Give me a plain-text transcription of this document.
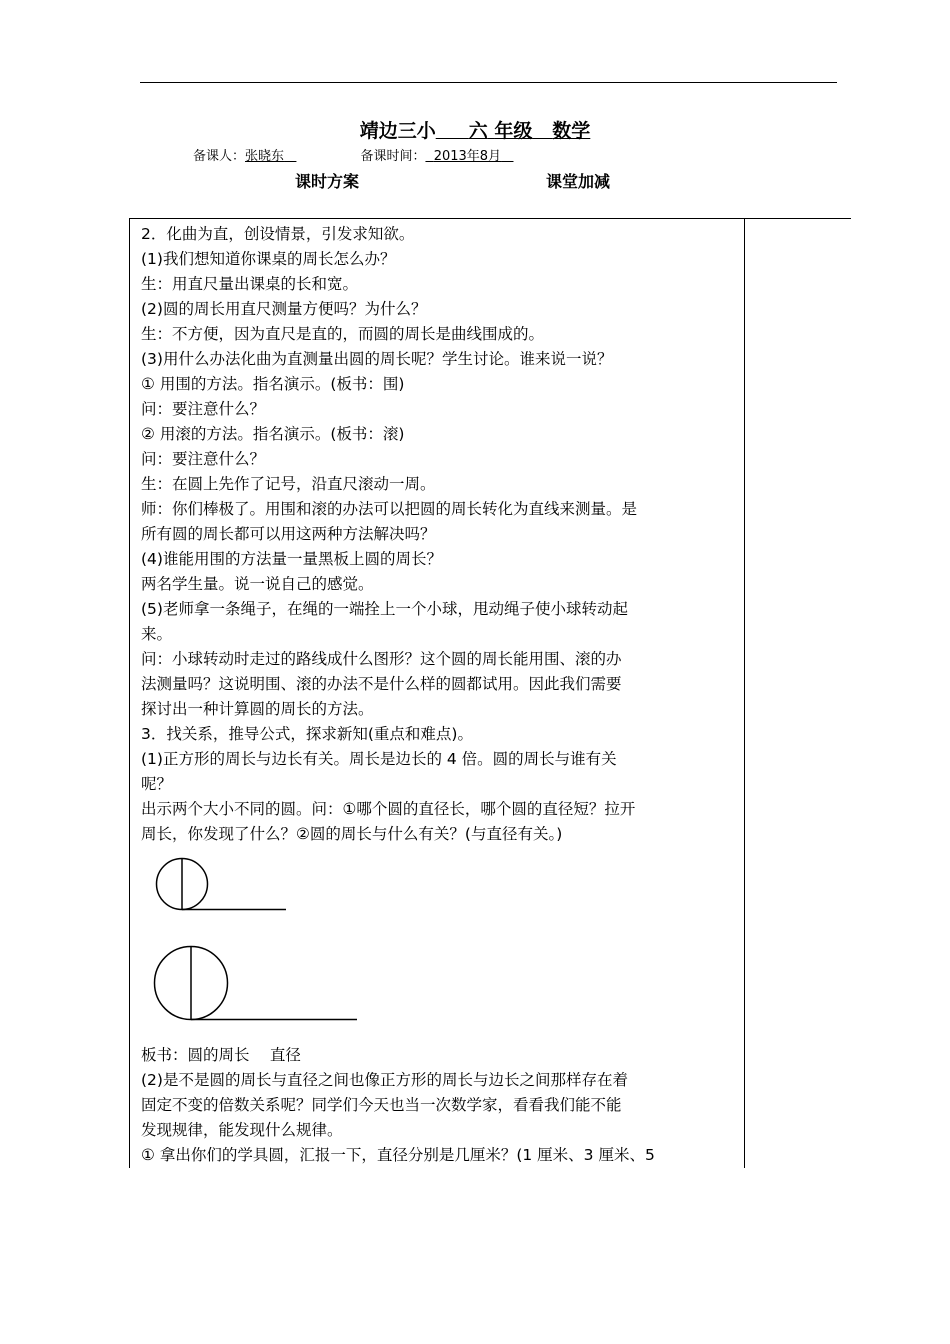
靖边三小 六 年级 数学
备课人：张晓东	备课时间： 2013年8月
课时方案	课堂加减

2．化曲为直，创设情景，引发求知欲。

(1)我们想知道你课桌的周长怎么办？

生：用直尺量出课桌的长和宽。

(2)圆的周长用直尺测量方便吗？为什么？

生：不方便，因为直尺是直的，而圆的周长是曲线围成的。

(3)用什么办法化曲为直测量出圆的周长呢？学生讨论。谁来说一说？

① 用围的方法。指名演示。(板书：围)

问：要注意什么？

② 用滚的方法。指名演示。(板书：滚)

问：要注意什么？

生：在圆上先作了记号，沿直尺滚动一周。

师：你们棒极了。用围和滚的办法可以把圆的周长转化为直线来测量。是

所有圆的周长都可以用这两种方法解决吗？

(4)谁能用围的方法量一量黑板上圆的周长？

两名学生量。说一说自己的感觉。

(5)老师拿一条绳子，在绳的一端拴上一个小球，甩动绳子使小球转动起

来。

问：小球转动时走过的路线成什么图形？这个圆的周长能用围、滚的办

法测量吗？这说明围、滚的办法不是什么样的圆都试用。因此我们需要

探讨出一种计算圆的周长的方法。

3．找关系，推导公式，探求新知(重点和难点)。

(1)正方形的周长与边长有关。周长是边长的 4 倍。圆的周长与谁有关

呢？

出示两个大小不同的圆。问：①哪个圆的直径长，哪个圆的直径短？拉开

周长，你发现了什么？②圆的周长与什么有关？(与直径有关。)

板书：圆的周长　 直径

(2)是不是圆的周长与直径之间也像正方形的周长与边长之间那样存在着

固定不变的倍数关系呢？同学们今天也当一次数学家，看看我们能不能

发现规律，能发现什么规律。

① 拿出你们的学具圆，汇报一下，直径分别是几厘米？(1 厘米、3 厘米、5
